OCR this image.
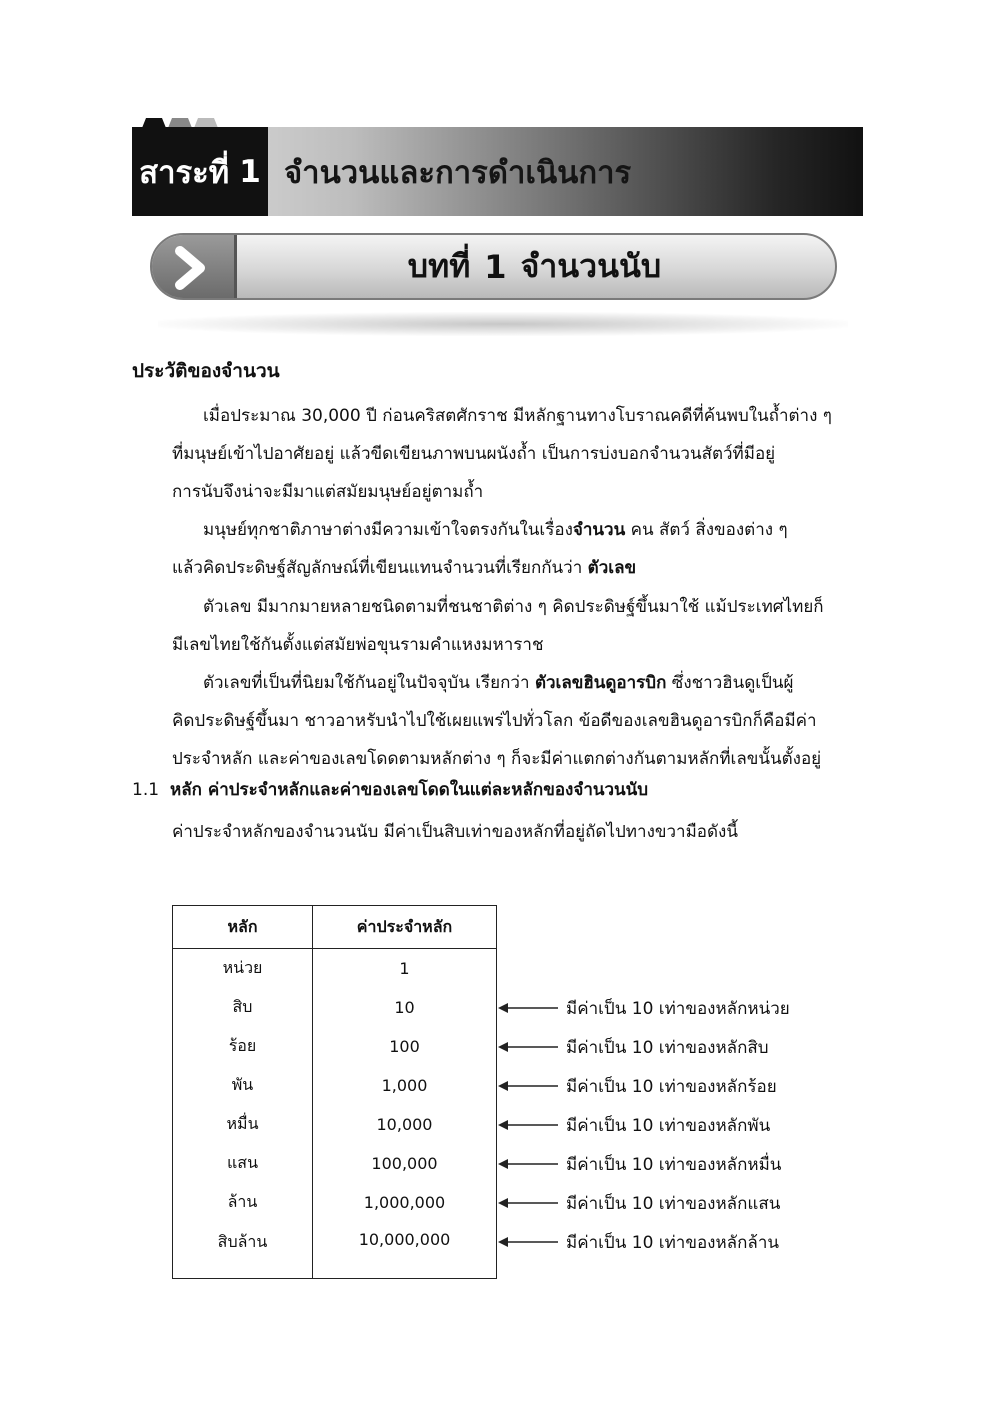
สาระที่ 1 จำนวนและการดำเนินการ
บทที่ 1 จำนวนนับ
ประวัติของจำนวน
เมื่อประมาณ 30,000 ปี ก่อนคริสตศักราช มีหลักฐานทางโบราณคดีที่ค้นพบในถ้ำต่าง ๆ
ที่มนุษย์เข้าไปอาศัยอยู่ แล้วขีดเขียนภาพบนผนังถ้ำ เป็นการบ่งบอกจำนวนสัตว์ที่มีอยู่
การนับจึงน่าจะมีมาแต่สมัยมนุษย์อยู่ตามถ้ำ
มนุษย์ทุกชาติภาษาต่างมีความเข้าใจตรงกันในเรื่องจำนวน คน สัตว์ สิ่งของต่าง ๆ
แล้วคิดประดิษฐ์สัญลักษณ์ที่เขียนแทนจำนวนที่เรียกกันว่า ตัวเลข
ตัวเลข มีมากมายหลายชนิดตามที่ชนชาติต่าง ๆ คิดประดิษฐ์ขึ้นมาใช้ แม้ประเทศไทยก็
มีเลขไทยใช้กันตั้งแต่สมัยพ่อขุนรามคำแหงมหาราช
ตัวเลขที่เป็นที่นิยมใช้กันอยู่ในปัจจุบัน เรียกว่า ตัวเลขฮินดูอารบิก ซึ่งชาวฮินดูเป็นผู้
คิดประดิษฐ์ขึ้นมา ชาวอาหรับนำไปใช้เผยแพร่ไปทั่วโลก ข้อดีของเลขฮินดูอารบิกก็คือมีค่า
ประจำหลัก และค่าของเลขโดดตามหลักต่าง ๆ ก็จะมีค่าแตกต่างกันตามหลักที่เลขนั้นตั้งอยู่
1.1 หลัก ค่าประจำหลักและค่าของเลขโดดในแต่ละหลักของจำนวนนับ
ค่าประจำหลักของจำนวนนับ มีค่าเป็นสิบเท่าของหลักที่อยู่ถัดไปทางขวามือดังนี้
หลัก	ค่าประจำหลัก
หน่วย	1
สิบ	10
ร้อย	100
พัน	1,000
หมื่น	10,000
แสน	100,000
ล้าน	1,000,000
สิบล้าน	10,000,000
มีค่าเป็น 10 เท่าของหลักหน่วย
มีค่าเป็น 10 เท่าของหลักสิบ
มีค่าเป็น 10 เท่าของหลักร้อย
มีค่าเป็น 10 เท่าของหลักพัน
มีค่าเป็น 10 เท่าของหลักหมื่น
มีค่าเป็น 10 เท่าของหลักแสน
มีค่าเป็น 10 เท่าของหลักล้าน
